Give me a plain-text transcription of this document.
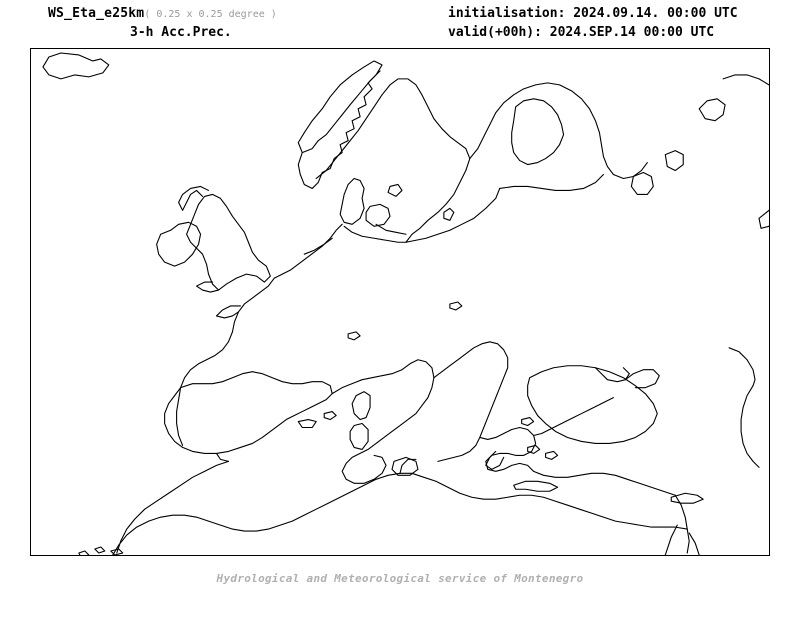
WS_Eta_e25km( 0.25 x 0.25 degree )
3-h Acc.Prec.
initialisation: 2024.09.14. 00:00 UTC
valid(+00h): 2024.SEP.14 00:00 UTC
Hydrological and Meteorological service of Montenegro
